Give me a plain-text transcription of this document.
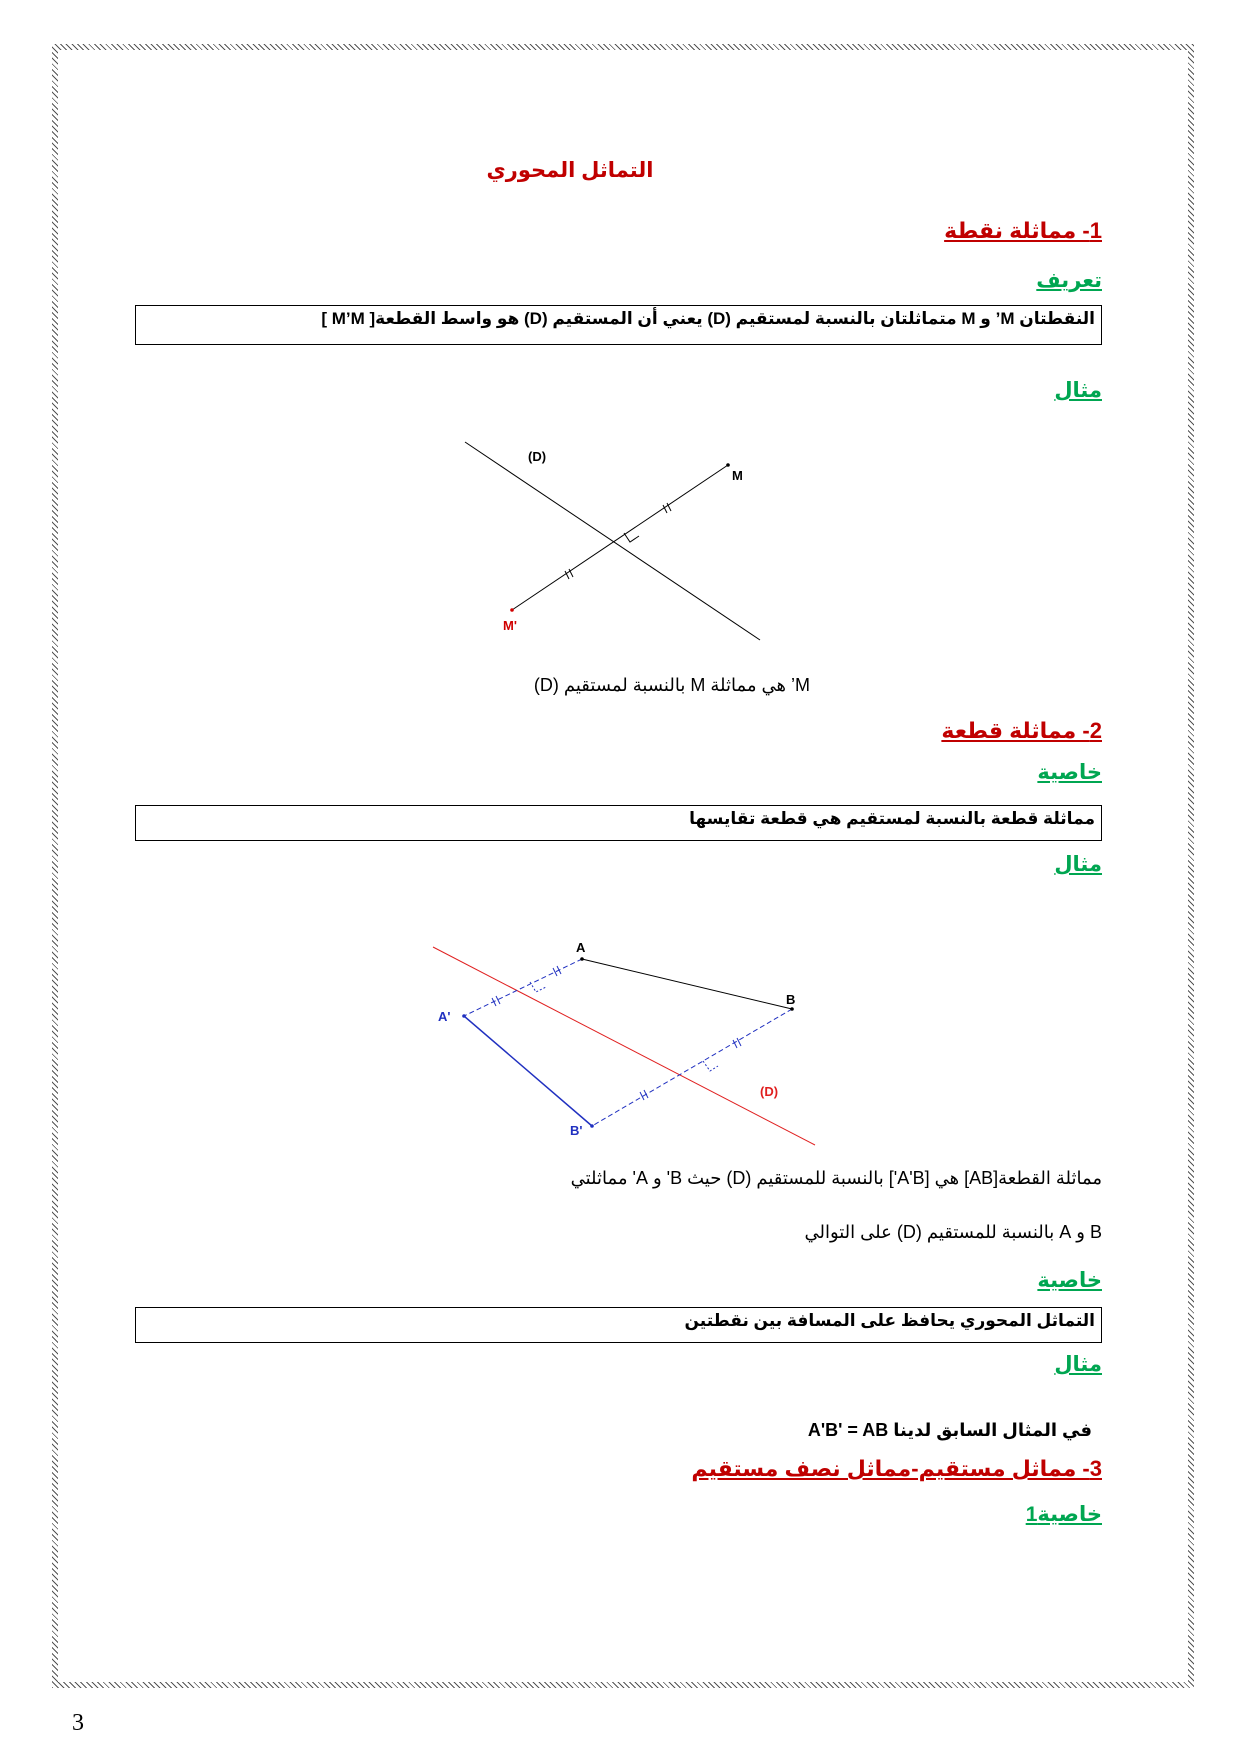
التماثل المحوري
1- مماثلة نقطة
تعريف
النقطتان M’ و M متماثلتان بالنسبة لمستقيم (D) يعني أن المستقيم (D) هو واسط القطعة[ M’M ]
مثال
(D)
M
M'
M’ هي مماثلة M بالنسبة لمستقيم (D)
2- مماثلة قطعة
خاصية
مماثلة قطعة بالنسبة لمستقيم هي قطعة تقايسها
مثال
A
B
A'
B'
(D)
مماثلة القطعة[AB] هي [A'B'] بالنسبة للمستقيم (D) حيث B' و A' مماثلتي
B و A بالنسبة للمستقيم (D) على التوالي
خاصية
التماثل المحوري يحافظ على المسافة بين نقطتين
مثال
في المثال السابق لدينا A'B' = AB
3- مماثل مستقيم-مماثل نصف مستقيم
خاصية1
3
